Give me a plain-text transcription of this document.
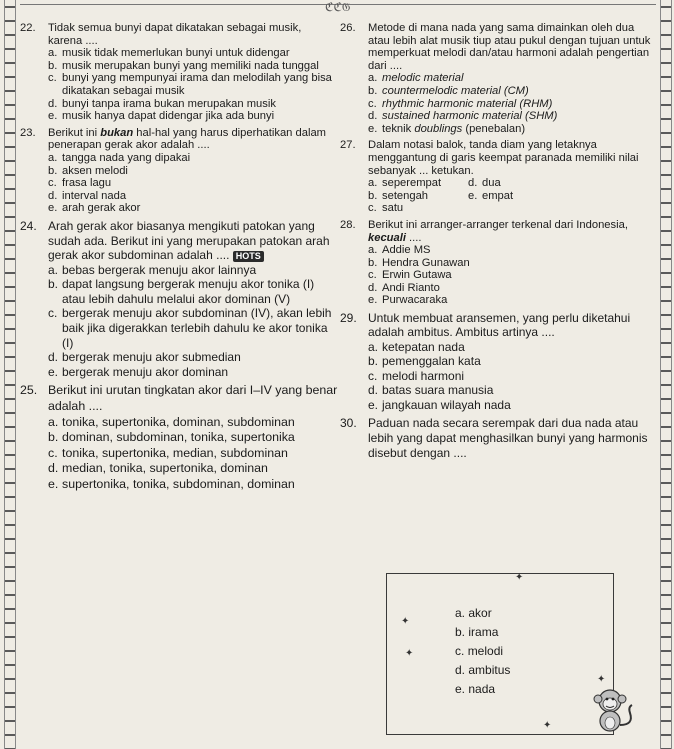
ℭℭ𝔊
22.	Tidak semua bunyi dapat dikatakan sebagai musik, karena ....
a. musik tidak memerlukan bunyi untuk didengar
b. musik merupakan bunyi yang memiliki nada tunggal
c. bunyi yang mempunyai irama dan melodilah yang bisa dikatakan sebagai musik
d. bunyi tanpa irama bukan merupakan musik
e. musik hanya dapat didengar jika ada bunyi
23.	Berikut ini bukan hal-hal yang harus diperhatikan dalam penerapan gerak akor adalah ....
a. tangga nada yang dipakai
b. aksen melodi
c. frasa lagu
d. interval nada
e. arah gerak akor
24. Arah gerak akor biasanya mengikuti patokan yang sudah ada. Berikut ini yang merupakan patokan arah gerak akor subdominan adalah .... HOTS
a. bebas bergerak menuju akor lainnya
b. dapat langsung bergerak menuju akor tonika (I) atau lebih dahulu melalui akor dominan (V)
c. bergerak menuju akor subdominan (IV), akan lebih baik jika digerakkan terlebih dahulu ke akor tonika (I)
d. bergerak menuju akor submedian
e. bergerak menuju akor dominan
25. Berikut ini urutan tingkatan akor dari I–IV yang benar adalah ....
a. tonika, supertonika, dominan, subdominan
b. dominan, subdominan, tonika, supertonika
c. tonika, supertonika, median, subdominan
d. median, tonika, supertonika, dominan
e. supertonika, tonika, subdominan, dominan
26.	Metode di mana nada yang sama dimainkan oleh dua atau lebih alat musik tiup atau pukul dengan tujuan untuk memperkuat melodi dan/atau harmoni adalah pengertian dari ....
a. melodic material
b. countermelodic material (CM)
c. rhythmic harmonic material (RHM)
d. sustained harmonic material (SHM)
e. teknik doublings (penebalan)
27.	Dalam notasi balok, tanda diam yang letaknya menggantung di garis keempat paranada memiliki nilai sebanyak ... ketukan.
a. seperempat	d. dua
b. setengah	e. empat
c. satu
28.	Berikut ini arranger-arranger terkenal dari Indonesia, kecuali ....
a. Addie MS
b. Hendra Gunawan
c. Erwin Gutawa
d. Andi Rianto
e. Purwacaraka
29. Untuk membuat aransemen, yang perlu diketahui adalah ambitus. Ambitus artinya ....
a. ketepatan nada
b. pemenggalan kata
c. melodi harmoni
d. batas suara manusia
e. jangkauan wilayah nada
30. Paduan nada secara serempak dari dua nada atau lebih yang dapat menghasilkan bunyi yang harmonis disebut dengan ....
✦
✦
✦
✦
✦
a. akor
b. irama
c. melodi
d. ambitus
e. nada
